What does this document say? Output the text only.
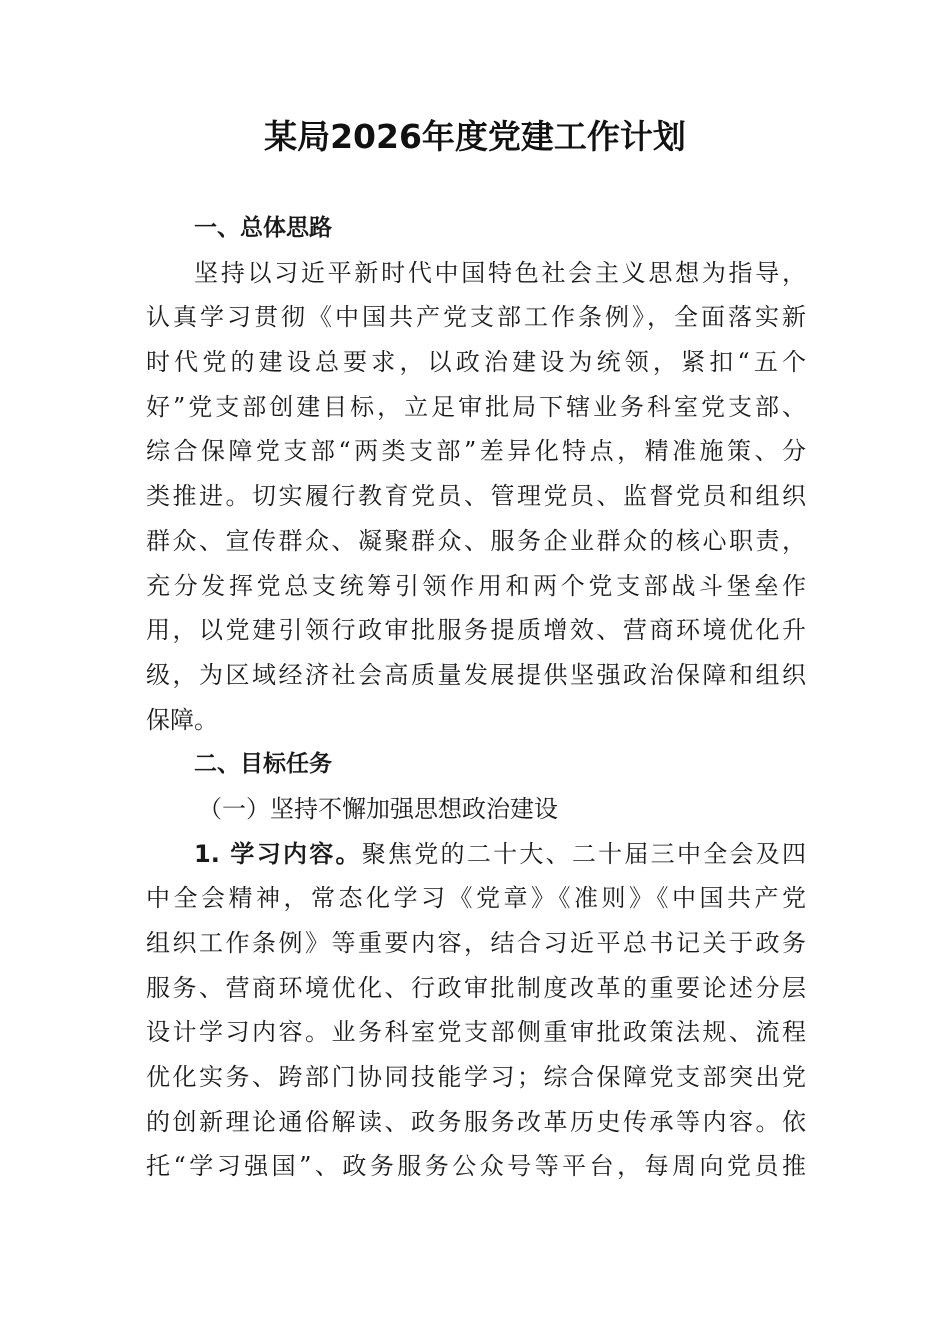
某局2026年度党建工作计划
一、总体思路
坚持以习近平新时代中国特色社会主义思想为指导，
认真学习贯彻《中国共产党支部工作条例》，全面落实新
时代党的建设总要求，以政治建设为统领，紧扣“五个
好”党支部创建目标，立足审批局下辖业务科室党支部、
综合保障党支部“两类支部”差异化特点，精准施策、分
类推进。切实履行教育党员、管理党员、监督党员和组织
群众、宣传群众、凝聚群众、服务企业群众的核心职责，
充分发挥党总支统筹引领作用和两个党支部战斗堡垒作
用，以党建引领行政审批服务提质增效、营商环境优化升
级，为区域经济社会高质量发展提供坚强政治保障和组织
保障。
二、目标任务
（一）坚持不懈加强思想政治建设
1. 学习内容。聚焦党的二十大、二十届三中全会及四
中全会精神，常态化学习《党章》《准则》《中国共产党
组织工作条例》等重要内容，结合习近平总书记关于政务
服务、营商环境优化、行政审批制度改革的重要论述分层
设计学习内容。业务科室党支部侧重审批政策法规、流程
优化实务、跨部门协同技能学习；综合保障党支部突出党
的创新理论通俗解读、政务服务改革历史传承等内容。依
托“学习强国”、政务服务公众号等平台，每周向党员推
